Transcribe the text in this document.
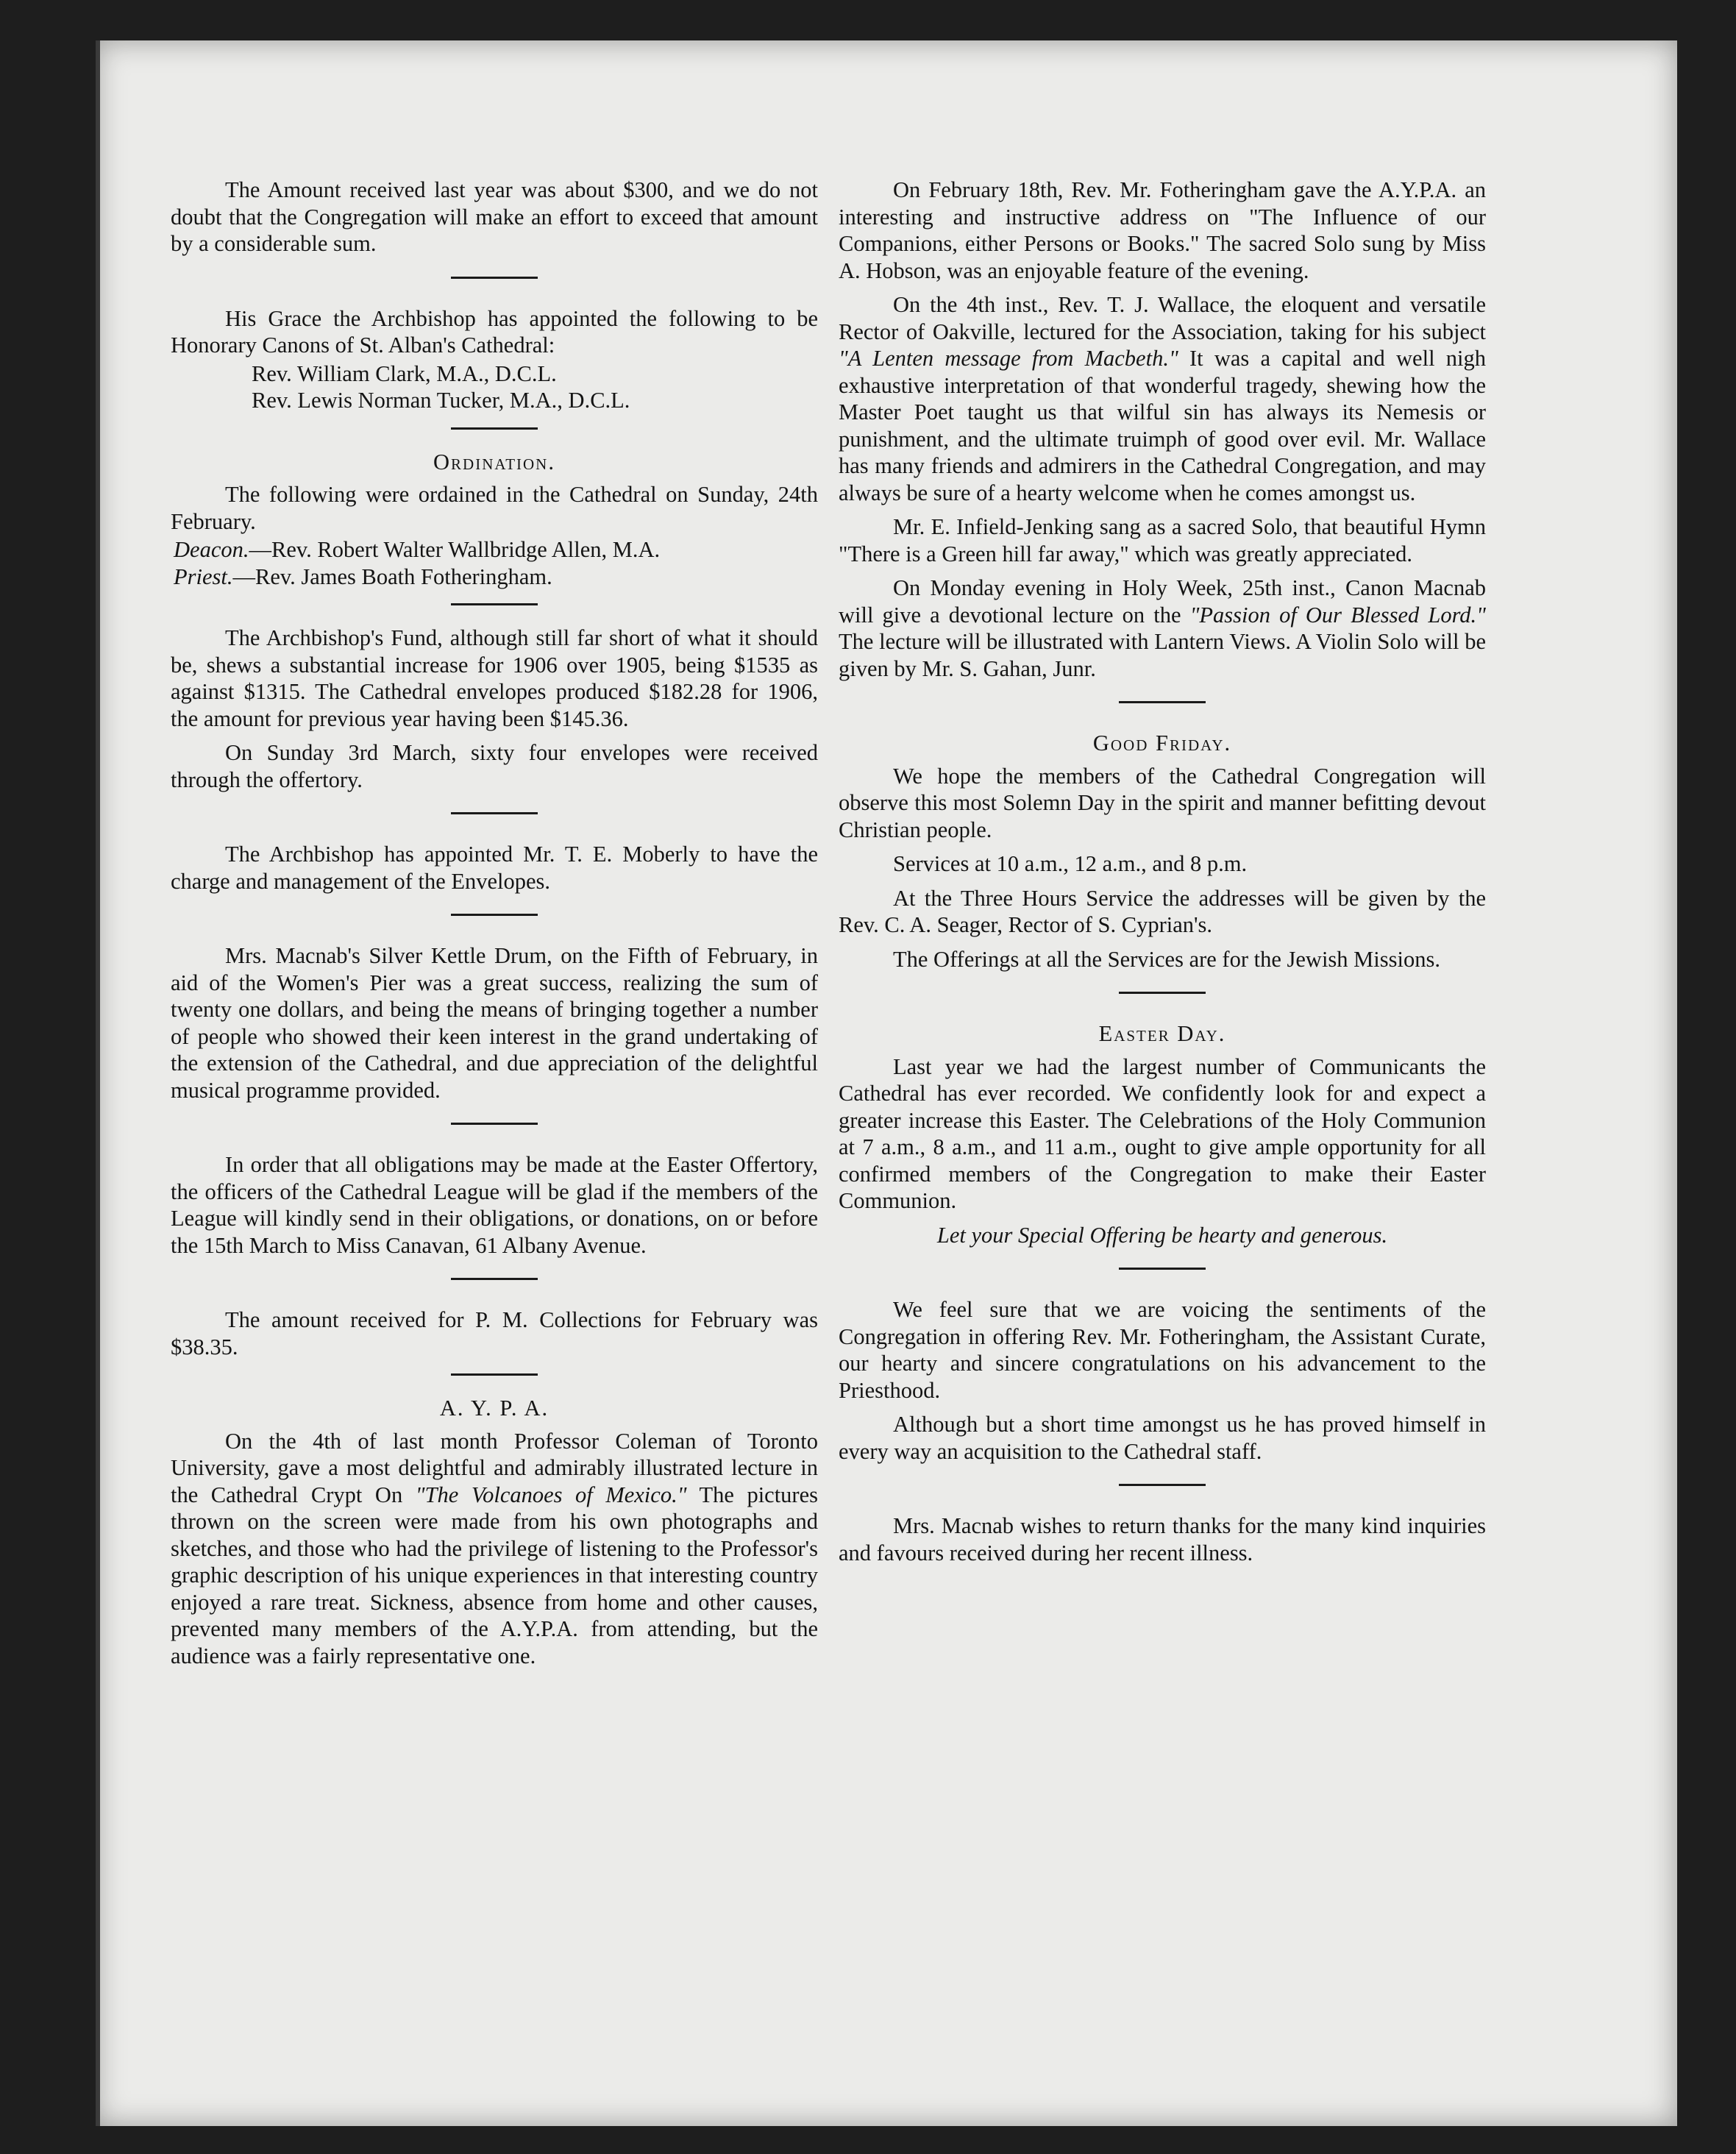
The Amount received last year was about $300, and we do not doubt that the Congregation will make an effort to exceed that amount by a considerable sum.

His Grace the Archbishop has appointed the following to be Honorary Canons of St. Alban's Cathedral:

Rev. William Clark, M.A., D.C.L.

Rev. Lewis Norman Tucker, M.A., D.C.L.

Ordination.

The following were ordained in the Cathedral on Sunday, 24th February.

Deacon.—Rev. Robert Walter Wallbridge Allen, M.A.

Priest.—Rev. James Boath Fotheringham.

The Archbishop's Fund, although still far short of what it should be, shews a substantial increase for 1906 over 1905, being $1535 as against $1315. The Cathedral envelopes produced $182.28 for 1906, the amount for previous year having been $145.36.

On Sunday 3rd March, sixty four envelopes were received through the offertory.

The Archbishop has appointed Mr. T. E. Moberly to have the charge and management of the Envelopes.

Mrs. Macnab's Silver Kettle Drum, on the Fifth of February, in aid of the Women's Pier was a great success, realizing the sum of twenty one dollars, and being the means of bringing together a number of people who showed their keen interest in the grand undertaking of the extension of the Cathedral, and due appreciation of the delightful musical programme provided.

In order that all obligations may be made at the Easter Offertory, the officers of the Cathedral League will be glad if the members of the League will kindly send in their obligations, or donations, on or before the 15th March to Miss Canavan, 61 Albany Avenue.

The amount received for P. M. Collections for February was $38.35.

A. Y. P. A.

On the 4th of last month Professor Coleman of Toronto University, gave a most delightful and admirably illustrated lecture in the Cathedral Crypt On "The Volcanoes of Mexico." The pictures thrown on the screen were made from his own photographs and sketches, and those who had the privilege of listening to the Professor's graphic description of his unique experiences in that interesting country enjoyed a rare treat. Sickness, absence from home and other causes, prevented many members of the A.Y.P.A. from attending, but the audience was a fairly representative one.

On February 18th, Rev. Mr. Fotheringham gave the A.Y.P.A. an interesting and instructive address on "The Influence of our Companions, either Persons or Books." The sacred Solo sung by Miss A. Hobson, was an enjoyable feature of the evening.

On the 4th inst., Rev. T. J. Wallace, the eloquent and versatile Rector of Oakville, lectured for the Association, taking for his subject "A Lenten message from Macbeth." It was a capital and well nigh exhaustive interpretation of that wonderful tragedy, shewing how the Master Poet taught us that wilful sin has always its Nemesis or punishment, and the ultimate truimph of good over evil. Mr. Wallace has many friends and admirers in the Cathedral Congregation, and may always be sure of a hearty welcome when he comes amongst us.

Mr. E. Infield-Jenking sang as a sacred Solo, that beautiful Hymn "There is a Green hill far away," which was greatly appreciated.

On Monday evening in Holy Week, 25th inst., Canon Macnab will give a devotional lecture on the "Passion of Our Blessed Lord." The lecture will be illustrated with Lantern Views. A Violin Solo will be given by Mr. S. Gahan, Junr.

Good Friday.

We hope the members of the Cathedral Congregation will observe this most Solemn Day in the spirit and manner befitting devout Christian people.

Services at 10 a.m., 12 a.m., and 8 p.m.

At the Three Hours Service the addresses will be given by the Rev. C. A. Seager, Rector of S. Cyprian's.

The Offerings at all the Services are for the Jewish Missions.

Easter Day.

Last year we had the largest number of Communicants the Cathedral has ever recorded. We confidently look for and expect a greater increase this Easter. The Celebrations of the Holy Communion at 7 a.m., 8 a.m., and 11 a.m., ought to give ample opportunity for all confirmed members of the Congregation to make their Easter Communion.

Let your Special Offering be hearty and generous.

We feel sure that we are voicing the sentiments of the Congregation in offering Rev. Mr. Fotheringham, the Assistant Curate, our hearty and sincere congratulations on his advancement to the Priesthood.

Although but a short time amongst us he has proved himself in every way an acquisition to the Cathedral staff.

Mrs. Macnab wishes to return thanks for the many kind inquiries and favours received during her recent illness.
